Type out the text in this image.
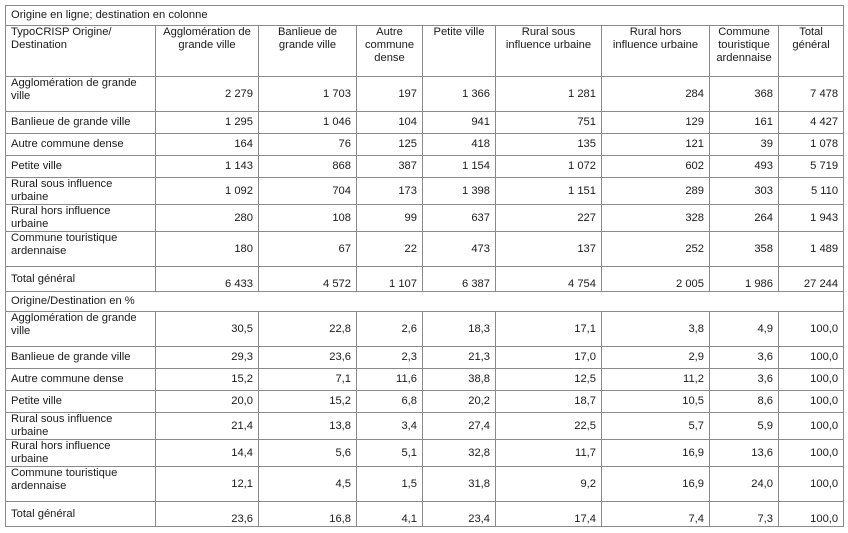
Origine en ligne; destination en colonne								
TypoCRISP Origine/ Destination	Agglomération de grande ville	Banlieue de grande ville	Autre commune dense	Petite ville	Rural sous influence urbaine	Rural hors influence urbaine	Commune touristique ardennaise	Total général
Agglomération de grande ville	2 279	1 703	197	1 366	1 281	284	368	7 478
Banlieue de grande ville	1 295	1 046	104	941	751	129	161	4 427
Autre commune dense	164	76	125	418	135	121	39	1 078
Petite ville	1 143	868	387	1 154	1 072	602	493	5 719
Rural sous influence urbaine	1 092	704	173	1 398	1 151	289	303	5 110
Rural hors influence urbaine	280	108	99	637	227	328	264	1 943
Commune touristique ardennaise	180	67	22	473	137	252	358	1 489
Total général	6 433	4 572	1 107	6 387	4 754	2 005	1 986	27 244
Origine/Destination en %								
Agglomération de grande ville	30,5	22,8	2,6	18,3	17,1	3,8	4,9	100,0
Banlieue de grande ville	29,3	23,6	2,3	21,3	17,0	2,9	3,6	100,0
Autre commune dense	15,2	7,1	11,6	38,8	12,5	11,2	3,6	100,0
Petite ville	20,0	15,2	6,8	20,2	18,7	10,5	8,6	100,0
Rural sous influence urbaine	21,4	13,8	3,4	27,4	22,5	5,7	5,9	100,0
Rural hors influence urbaine	14,4	5,6	5,1	32,8	11,7	16,9	13,6	100,0
Commune touristique ardennaise	12,1	4,5	1,5	31,8	9,2	16,9	24,0	100,0
Total général	23,6	16,8	4,1	23,4	17,4	7,4	7,3	100,0
